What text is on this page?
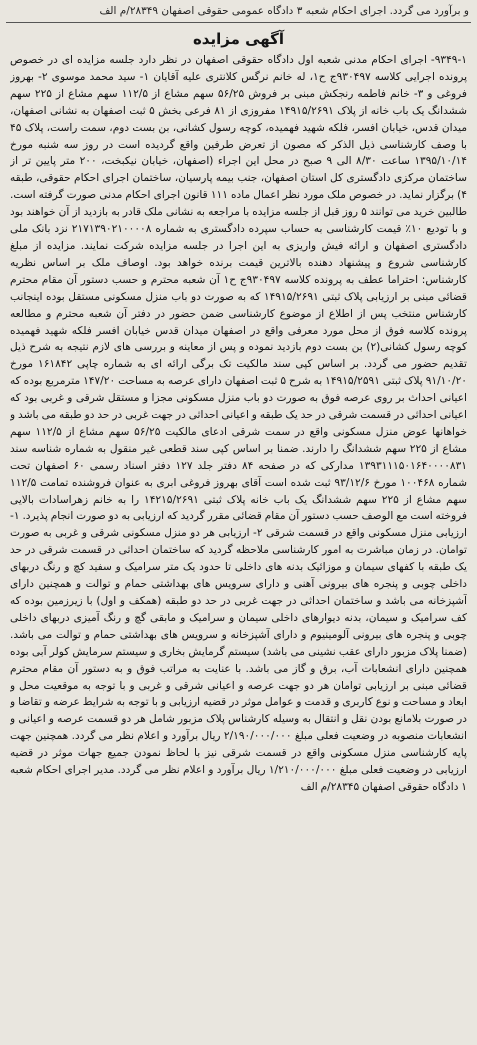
و برآورد می گردد. اجرای احکام شعبه ۳ دادگاه عمومی حقوقی اصفهان ۲۸۳۴۹/م الف
آگهی مزایده

۹۳۴۹-۱- اجرای احکام مدنی شعبه اول دادگاه حقوقی اصفهان در نظر دارد جلسه مزایده ای در خصوص پرونده اجرایی کلاسه ۹۳۰۴۹۷ج ح۱، له خانم نرگس کلانتری علیه آقایان ۱- سید محمد موسوی ۲- بهروز فروغی و ۳- خانم فاطمه رنجکش مبنی بر فروش ۵۶/۲۵ سهم مشاع از ۱۱۲/۵ سهم مشاع از ۲۲۵ سهم ششدانگ یک باب خانه از پلاک ۱۴۹۱۵/۲۶۹۱ مفروزی از ۸۱ فرعی بخش ۵ ثبت اصفهان به نشانی اصفهان، میدان قدس، خیابان افسر، فلکه شهید فهمیده، کوچه رسول کشانی، بن بست دوم، سمت راست، پلاک ۴۵ با وصف کارشناسی ذیل الذکر که مصون از تعرض طرفین واقع گردیده است در روز سه شنبه مورخ ۱۳۹۵/۱۰/۱۴ ساعت ۸/۳۰ الی ۹ صبح در محل این اجراء (اصفهان، خیابان نیکبخت، ۲۰۰ متر پایین تر از ساختمان مرکزی دادگستری کل استان اصفهان، جنب بیمه پارسیان، ساختمان اجرای احکام حقوقی، طبقه ۴) برگزار نماید. در خصوص ملک مورد نظر اعمال ماده ۱۱۱ قانون اجرای احکام مدنی صورت گرفته است. طالبین خرید می توانند ۵ روز قبل از جلسه مزایده با مراجعه به نشانی ملک قادر به بازدید از آن خواهند بود و با تودیع ۱۰٪ قیمت کارشناسی به حساب سپرده دادگستری به شماره ۲۱۷۱۳۹۰۲۱۰۰۰۰۸ نزد بانک ملی دادگستری اصفهان و ارائه فیش واریزی به این اجرا در جلسه مزایده شرکت نمایند. مزایده از مبلغ کارشناسی شروع و پیشنهاد دهنده بالاترین قیمت برنده خواهد بود. اوصاف ملک بر اساس نظریه کارشناس: احتراما عطف به پرونده کلاسه ۹۳۰۴۹۷ج ح۱ آن شعبه محترم و حسب دستور آن مقام محترم قضائی مبنی بر ارزیابی پلاک ثبتی ۱۴۹۱۵/۲۶۹۱ که به صورت دو باب منزل مسکونی مستقل بوده اینجانب کارشناس منتخب پس از اطلاع از موضوع کارشناسی ضمن حضور در دفتر آن شعبه محترم و مطالعه پرونده کلاسه فوق از محل مورد معرفی واقع در اصفهان میدان قدس خیابان افسر فلکه شهید فهمیده کوچه رسول کشانی(۲) بن بست دوم بازدید نموده و پس از معاینه و بررسی های لازم نتیجه به شرح ذیل تقدیم حضور می گردد. بر اساس کپی سند مالکیت تک برگی ارائه ای به شماره چاپی ۱۶۱۸۴۲ مورخ ۹۱/۱۰/۲۰ پلاک ثبتی ۱۴۹۱۵/۲۵۹۱ به شرح ۵ ثبت اصفهان دارای عرصه به مساحت ۱۴۷/۲۰ مترمربع بوده که اعیانی احداث بر روی عرصه فوق به صورت دو باب منزل مسکونی مجزا و مستقل شرقی و غربی بود که اعیانی احداثی در قسمت شرقی در حد یک طبقه و اعیانی احداثی در جهت غربی در حد دو طبقه می باشد و خواهانها عوض منزل مسکونی واقع در سمت شرقی ادعای مالکیت ۵۶/۲۵ سهم مشاع از ۱۱۲/۵ سهم مشاع از ۲۲۵ سهم ششدانگ را دارند. ضمنا بر اساس کپی سند قطعی غیر منقول به شماره شناسه سند ۱۳۹۳۱۱۱۵۰۱۶۴۰۰۰۰۸۳۱ مدارکی که در صفحه ۸۴ دفتر جلد ۱۲۷ دفتر اسناد رسمی ۶۰ اصفهان تحت شماره ۱۰۰۴۶۸ مورخ ۹۳/۱۲/۶ ثبت شده است آقای بهروز فروغی ابری به عنوان فروشنده تمامت ۱۱۲/۵ سهم مشاع از ۲۲۵ سهم ششدانگ یک باب خانه پلاک ثبتی ۱۴۲۱۵/۲۶۹۱ را به خانم زهراسادات بالایی فروخته است مع الوصف حسب دستور آن مقام قضائی مقرر گردید که ارزیابی به دو صورت انجام پذیرد. ۱- ارزیابی منزل مسکونی واقع در قسمت شرقی ۲- ارزیابی هر دو منزل مسکونی شرقی و غربی به صورت توامان. در زمان مباشرت به امور کارشناسی ملاحظه گردید که ساختمان احداثی در قسمت شرقی در حد یک طبقه با کفهای سیمان و موزائیک بدنه های داخلی تا حدود یک متر سرامیک و سفید کچ و رنگ دربهای داخلی چوبی و پنجره های بیرونی آهنی و دارای سرویس های بهداشتی حمام و توالت و همچنین دارای آشپزخانه می باشد و ساختمان احداثی در جهت غربی در حد دو طبقه (همکف و اول) با زیرزمین بوده که کف سرامیک و سیمان، بدنه دیوارهای داخلی سیمان و سرامیک و مابقی گچ و رنگ آمیزی دربهای داخلی چوبی و پنجره های بیرونی آلومینیوم و دارای آشپزخانه و سرویس های بهداشتی حمام و توالت می باشد. (ضمنا پلاک مزبور دارای عقب نشینی می باشد) سیستم گرمایش بخاری و سیستم سرمایش کولر آبی بوده همچنین دارای انشعابات آب، برق و گاز می باشد. با عنایت به مراتب فوق و به دستور آن مقام محترم قضائی مبنی بر ارزیابی توامان هر دو جهت عرصه و اعیانی شرقی و غربی و با توجه به موقعیت محل و ابعاد و مساحت و نوع کاربری و قدمت و عوامل موثر در قضیه ارزیابی و با توجه به شرایط عرضه و تقاضا و در صورت بلامانع بودن نقل و انتقال به وسیله کارشناس پلاک مزبور شامل هر دو قسمت عرصه و اعیانی و انشعابات منصوبه در وضعیت فعلی مبلغ ۲/۱۹۰/۰۰۰/۰۰۰ ریال برآورد و اعلام نظر می گردد. همچنین جهت پایه کارشناسی منزل مسکونی واقع در قسمت شرقی نیز با لحاظ نمودن جمیع جهات موثر در قضیه ارزیابی در وضعیت فعلی مبلغ ۱/۲۱۰/۰۰۰/۰۰۰ ریال برآورد و اعلام نظر می گردد. مدیر اجرای احکام شعبه ۱ دادگاه حقوقی اصفهان ۲۸۳۴۵/م الف
